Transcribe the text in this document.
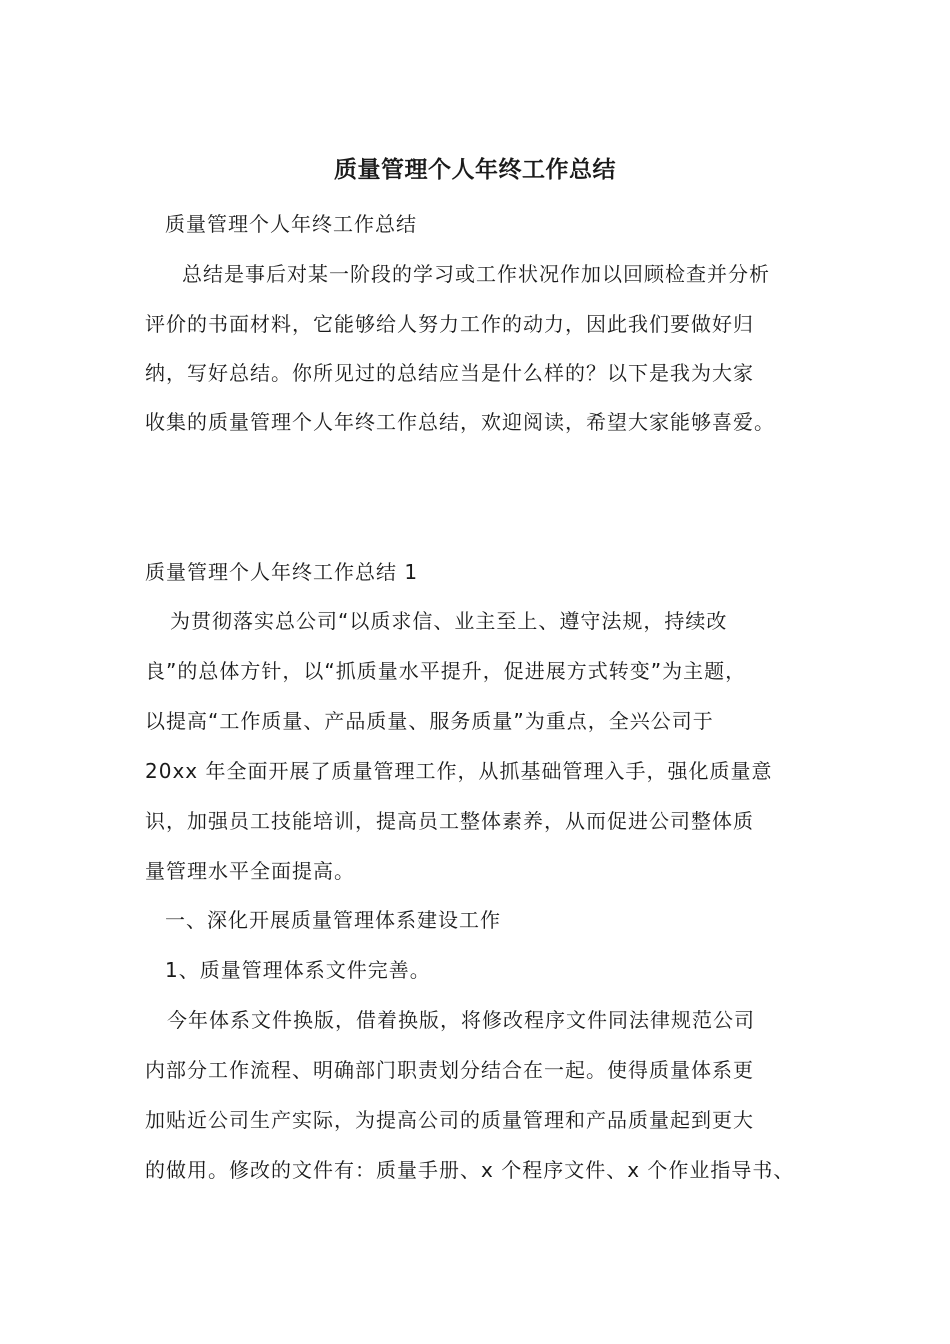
质量管理个人年终工作总结
质量管理个人年终工作总结
总结是事后对某一阶段的学习或工作状况作加以回顾检查并分析
评价的书面材料，它能够给人努力工作的动力，因此我们要做好归
纳，写好总结。你所见过的总结应当是什么样的？以下是我为大家
收集的质量管理个人年终工作总结，欢迎阅读，希望大家能够喜爱。
质量管理个人年终工作总结 1
为贯彻落实总公司“以质求信、业主至上、遵守法规，持续改
良”的总体方针，以“抓质量水平提升，促进展方式转变”为主题，
以提高“工作质量、产品质量、服务质量”为重点，全兴公司于
20xx 年全面开展了质量管理工作，从抓基础管理入手，强化质量意
识，加强员工技能培训，提高员工整体素养，从而促进公司整体质
量管理水平全面提高。
一、深化开展质量管理体系建设工作
1、质量管理体系文件完善。
今年体系文件换版，借着换版，将修改程序文件同法律规范公司
内部分工作流程、明确部门职责划分结合在一起。使得质量体系更
加贴近公司生产实际，为提高公司的质量管理和产品质量起到更大
的做用。修改的文件有：质量手册、x 个程序文件、x 个作业指导书、
